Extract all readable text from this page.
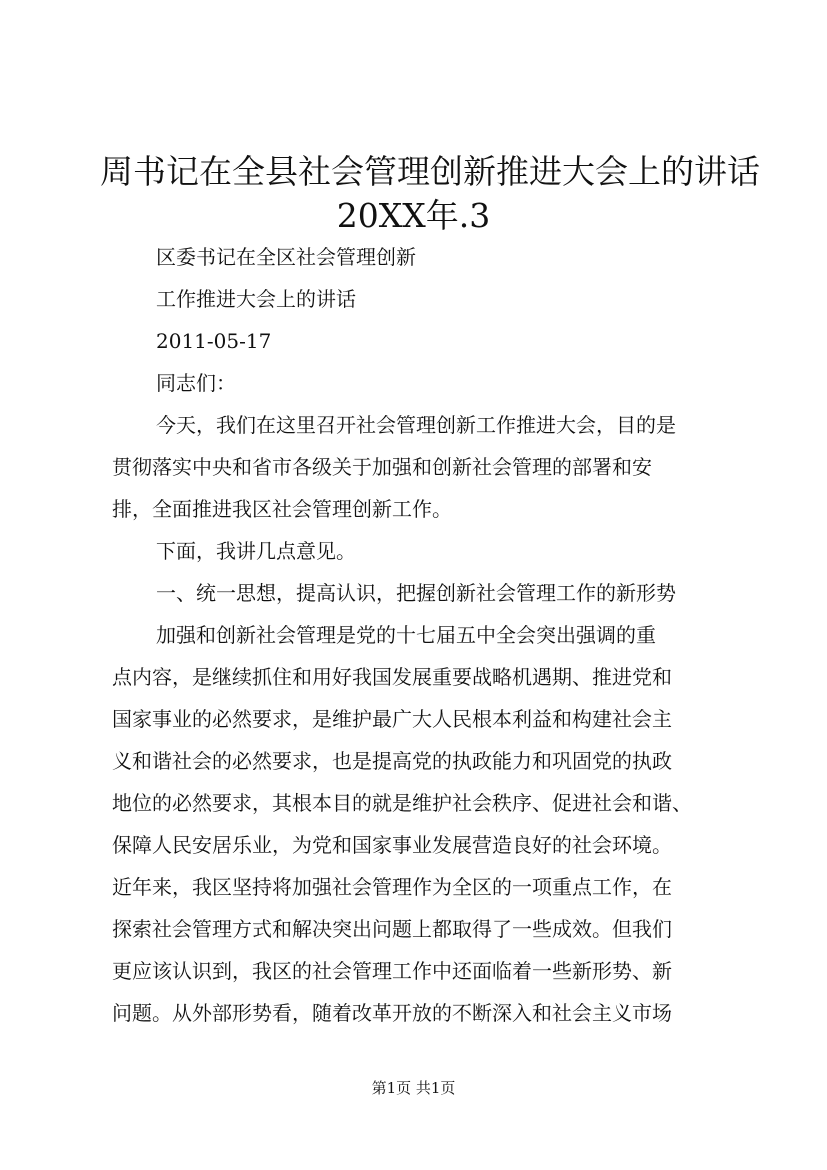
周书记在全县社会管理创新推进大会上的讲话
20XX年.3

区委书记在全区社会管理创新

工作推进大会上的讲话

2011-05-17

同志们：

今天，我们在这里召开社会管理创新工作推进大会，目的是

贯彻落实中央和省市各级关于加强和创新社会管理的部署和安

排，全面推进我区社会管理创新工作。

下面，我讲几点意见。

一、统一思想，提高认识，把握创新社会管理工作的新形势

加强和创新社会管理是党的十七届五中全会突出强调的重

点内容，是继续抓住和用好我国发展重要战略机遇期、推进党和

国家事业的必然要求，是维护最广大人民根本利益和构建社会主

义和谐社会的必然要求，也是提高党的执政能力和巩固党的执政

地位的必然要求，其根本目的就是维护社会秩序、促进社会和谐、

保障人民安居乐业，为党和国家事业发展营造良好的社会环境。

近年来，我区坚持将加强社会管理作为全区的一项重点工作，在

探索社会管理方式和解决突出问题上都取得了一些成效。但我们

更应该认识到，我区的社会管理工作中还面临着一些新形势、新

问题。从外部形势看，随着改革开放的不断深入和社会主义市场

第1页 共1页
